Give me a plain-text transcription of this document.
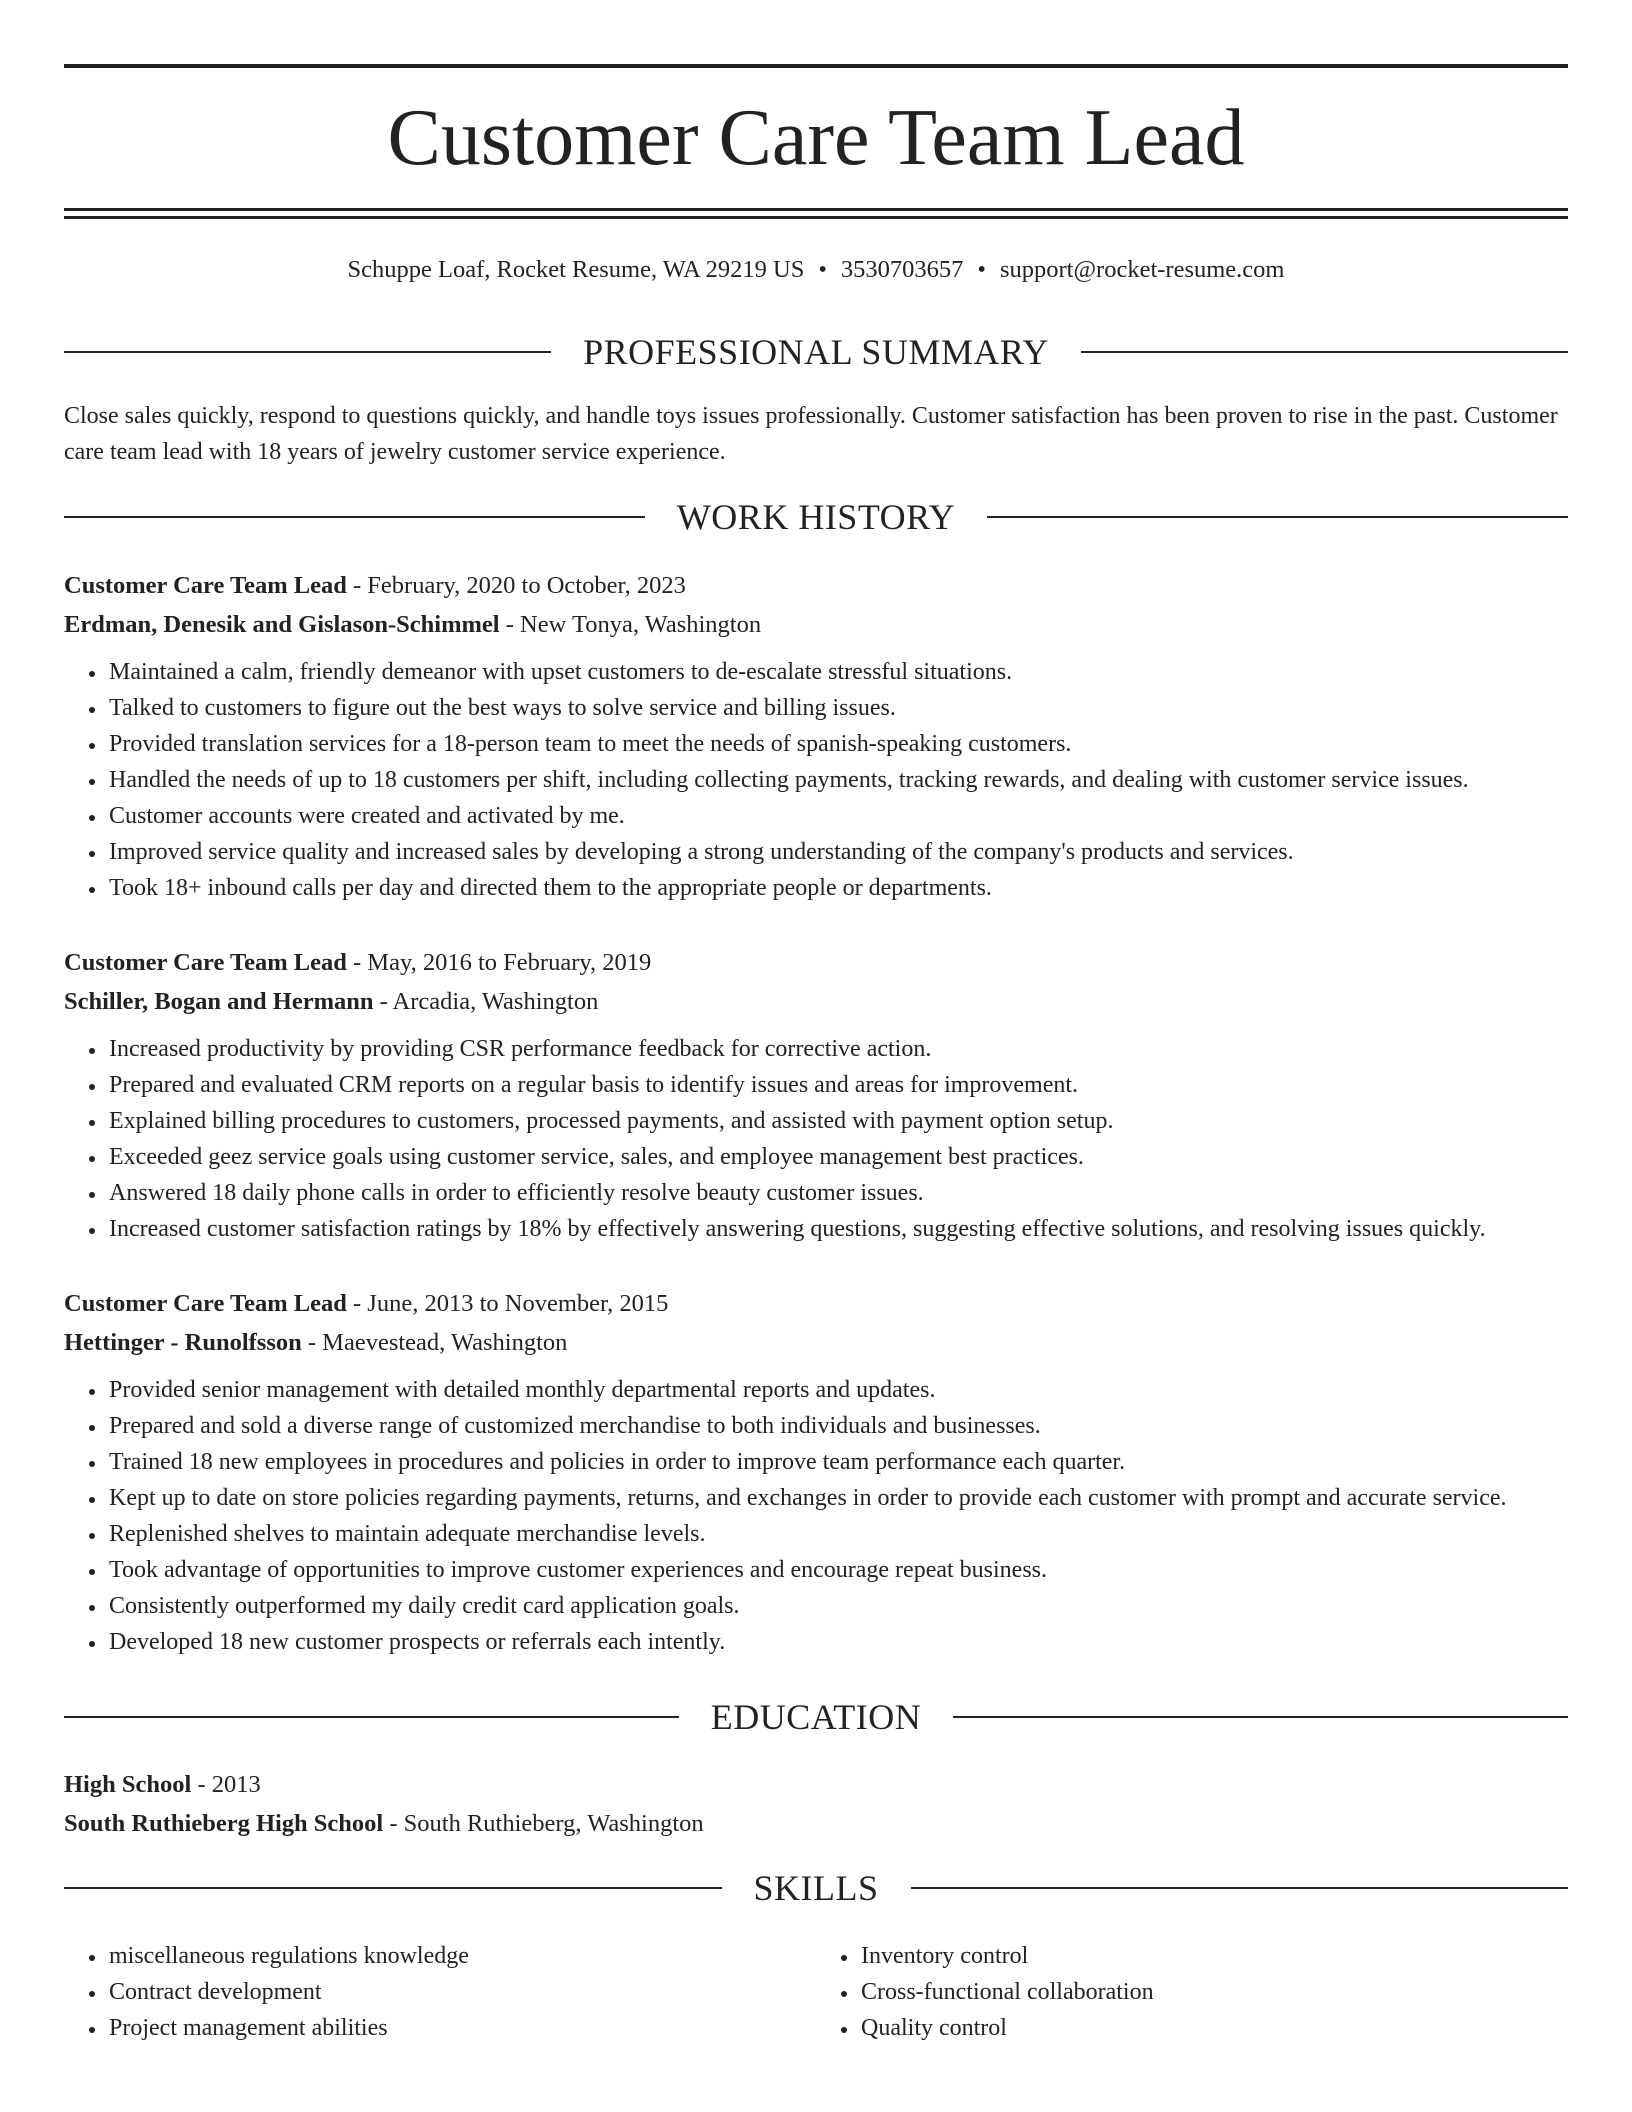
Customer Care Team Lead
Schuppe Loaf, Rocket Resume, WA 29219 US • 3530703657 • support@rocket-resume.com
PROFESSIONAL SUMMARY
Close sales quickly, respond to questions quickly, and handle toys issues professionally. Customer satisfaction has been proven to rise in the past. Customer care team lead with 18 years of jewelry customer service experience.
WORK HISTORY
Customer Care Team Lead - February, 2020 to October, 2023
Erdman, Denesik and Gislason-Schimmel - New Tonya, Washington
• Maintained a calm, friendly demeanor with upset customers to de-escalate stressful situations.
• Talked to customers to figure out the best ways to solve service and billing issues.
• Provided translation services for a 18-person team to meet the needs of spanish-speaking customers.
• Handled the needs of up to 18 customers per shift, including collecting payments, tracking rewards, and dealing with customer service issues.
• Customer accounts were created and activated by me.
• Improved service quality and increased sales by developing a strong understanding of the company's products and services.
• Took 18+ inbound calls per day and directed them to the appropriate people or departments.
Customer Care Team Lead - May, 2016 to February, 2019
Schiller, Bogan and Hermann - Arcadia, Washington
• Increased productivity by providing CSR performance feedback for corrective action.
• Prepared and evaluated CRM reports on a regular basis to identify issues and areas for improvement.
• Explained billing procedures to customers, processed payments, and assisted with payment option setup.
• Exceeded geez service goals using customer service, sales, and employee management best practices.
• Answered 18 daily phone calls in order to efficiently resolve beauty customer issues.
• Increased customer satisfaction ratings by 18% by effectively answering questions, suggesting effective solutions, and resolving issues quickly.
Customer Care Team Lead - June, 2013 to November, 2015
Hettinger - Runolfsson - Maevestead, Washington
• Provided senior management with detailed monthly departmental reports and updates.
• Prepared and sold a diverse range of customized merchandise to both individuals and businesses.
• Trained 18 new employees in procedures and policies in order to improve team performance each quarter.
• Kept up to date on store policies regarding payments, returns, and exchanges in order to provide each customer with prompt and accurate service.
• Replenished shelves to maintain adequate merchandise levels.
• Took advantage of opportunities to improve customer experiences and encourage repeat business.
• Consistently outperformed my daily credit card application goals.
• Developed 18 new customer prospects or referrals each intently.
EDUCATION
High School - 2013
South Ruthieberg High School - South Ruthieberg, Washington
SKILLS
• miscellaneous regulations knowledge
• Contract development
• Project management abilities
• Inventory control
• Cross-functional collaboration
• Quality control
